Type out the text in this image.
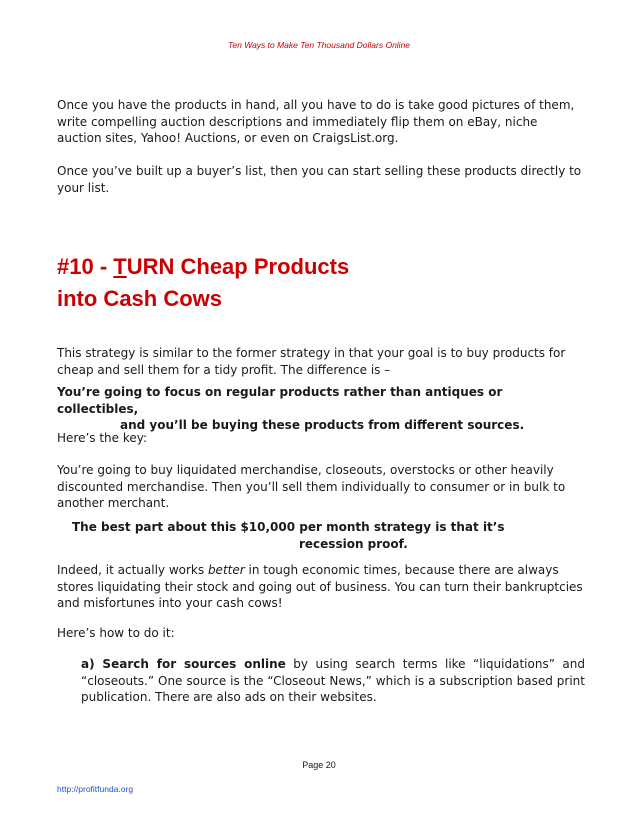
Ten Ways to Make Ten Thousand Dollars Online

Once you have the products in hand, all you have to do is take good pictures of them, write compelling auction descriptions and immediately flip them on eBay, niche auction sites, Yahoo! Auctions, or even on CraigsList.org.

Once you’ve built up a buyer’s list, then you can start selling these products directly to your list.

#10 - TURN Cheap Products
into Cash Cows

This strategy is similar to the former strategy in that your goal is to buy products for cheap and sell them for a tidy profit. The difference is –

You’re going to focus on regular products rather than antiques or collectibles,
and you’ll be buying these products from different sources.

Here’s the key:

You’re going to buy liquidated merchandise, closeouts, overstocks or other heavily discounted merchandise. Then you’ll sell them individually to consumer or in bulk to another merchant.

The best part about this $10,000 per month strategy is that it’s
recession proof.

Indeed, it actually works better in tough economic times, because there are always stores liquidating their stock and going out of business. You can turn their bankruptcies and misfortunes into your cash cows!

Here’s how to do it:

a) Search for sources online by using search terms like “liquidations” and “closeouts.” One source is the “Closeout News,” which is a subscription based print publication. There are also ads on their websites.

Page 20
http://profitfunda.org
